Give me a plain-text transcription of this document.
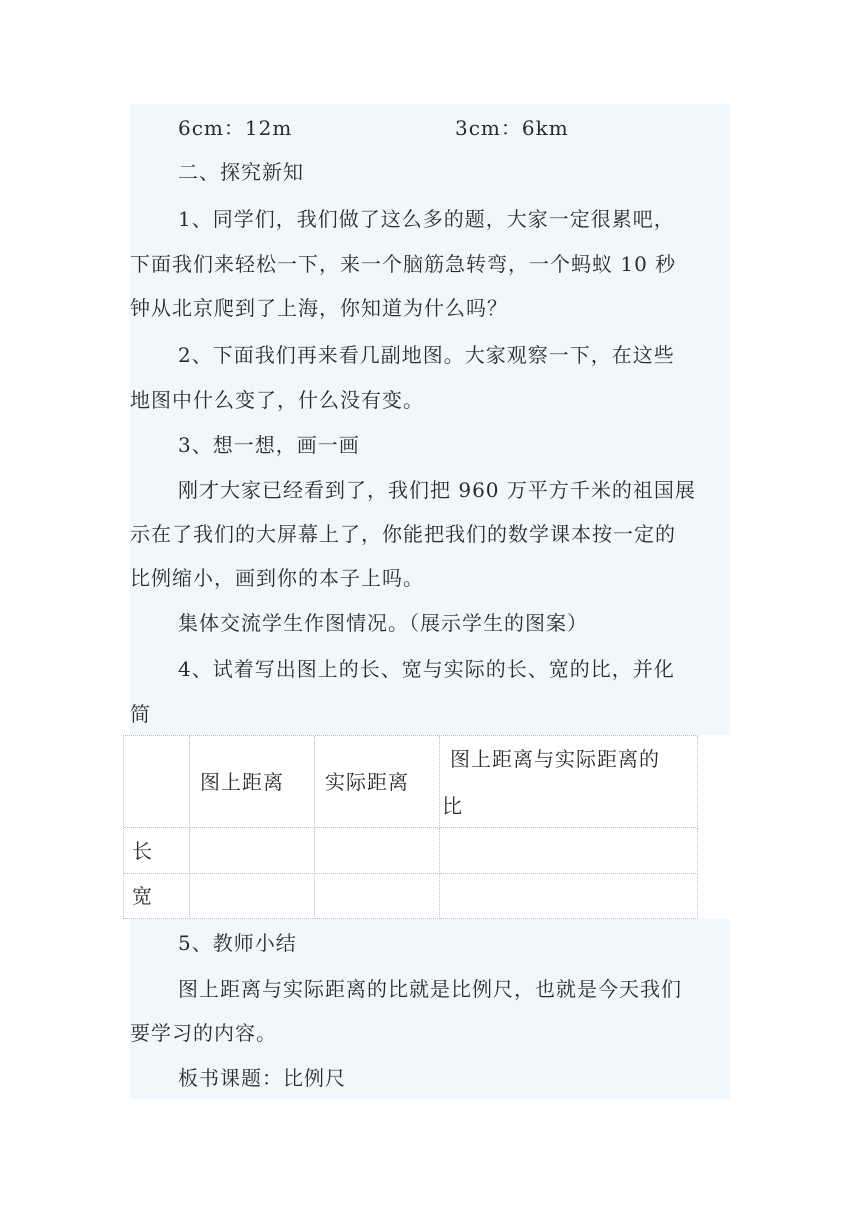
6cm：12m	3cm：6km
二、探究新知
1、同学们，我们做了这么多的题，大家一定很累吧，
下面我们来轻松一下，来一个脑筋急转弯，一个蚂蚁 10 秒
钟从北京爬到了上海，你知道为什么吗？
2、下面我们再来看几副地图。大家观察一下，在这些
地图中什么变了，什么没有变。
3、想一想，画一画
刚才大家已经看到了，我们把 960 万平方千米的祖国展
示在了我们的大屏幕上了，你能把我们的数学课本按一定的
比例缩小，画到你的本子上吗。
集体交流学生作图情况。（展示学生的图案）
4、试着写出图上的长、宽与实际的长、宽的比，并化
简
图上距离 实际距离
图上距离与实际距离的
比
长
宽
5、教师小结
图上距离与实际距离的比就是比例尺，也就是今天我们
要学习的内容。
板书课题：比例尺
